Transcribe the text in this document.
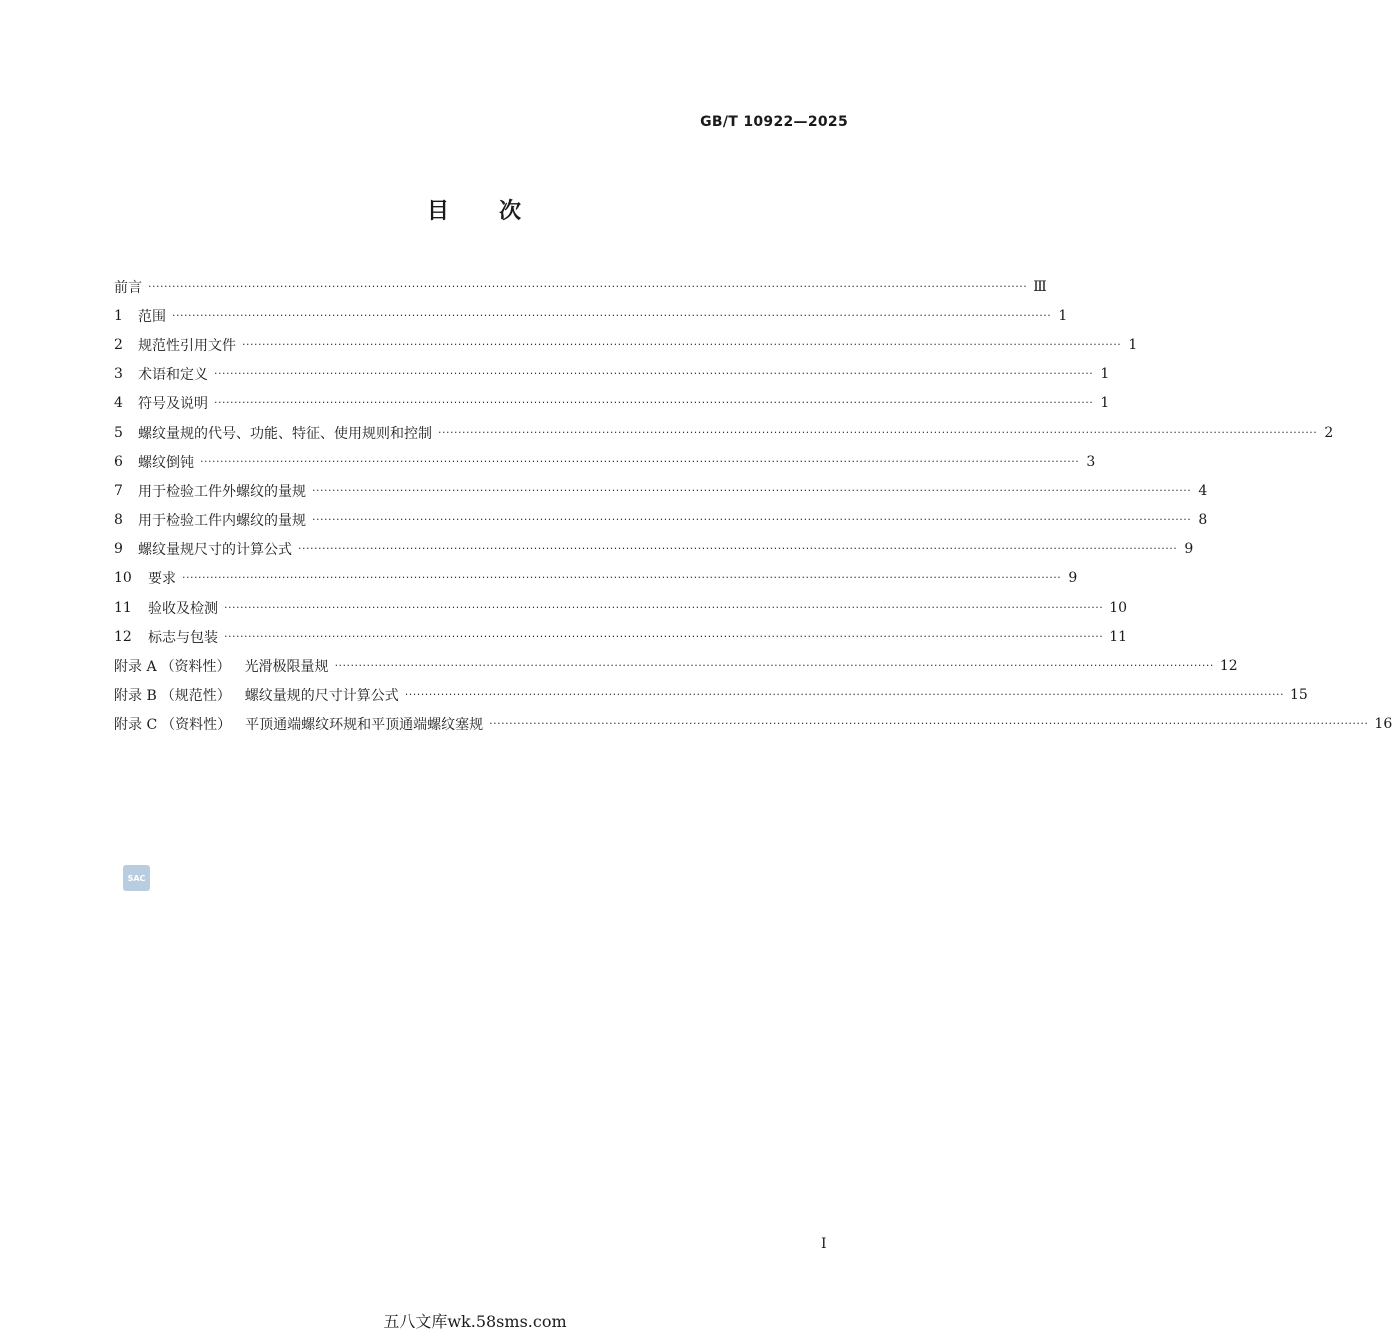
GB/T 10922—2025
目 次
前言 ···························································································································································································································· Ⅲ
1	范围 ···························································································································································································································· 1
2	规范性引用文件 ···························································································································································································································· 1
3	术语和定义 ···························································································································································································································· 1
4	符号及说明 ···························································································································································································································· 1
5	螺纹量规的代号、功能、特征、使用规则和控制 ···························································································································································································································· 2
6	螺纹倒钝 ···························································································································································································································· 3
7	用于检验工件外螺纹的量规 ···························································································································································································································· 4
8	用于检验工件内螺纹的量规 ···························································································································································································································· 8
9	螺纹量规尺寸的计算公式 ···························································································································································································································· 9
10	要求 ···························································································································································································································· 9
11	验收及检测 ···························································································································································································································· 10
12	标志与包装 ···························································································································································································································· 11
附录 A （资料性） 光滑极限量规 ···························································································································································································································· 12
附录 B （规范性） 螺纹量规的尺寸计算公式 ···························································································································································································································· 15
附录 C （资料性） 平顶通端螺纹环规和平顶通端螺纹塞规 ···························································································································································································································· 16
SAC
I
五八文库wk.58sms.com
